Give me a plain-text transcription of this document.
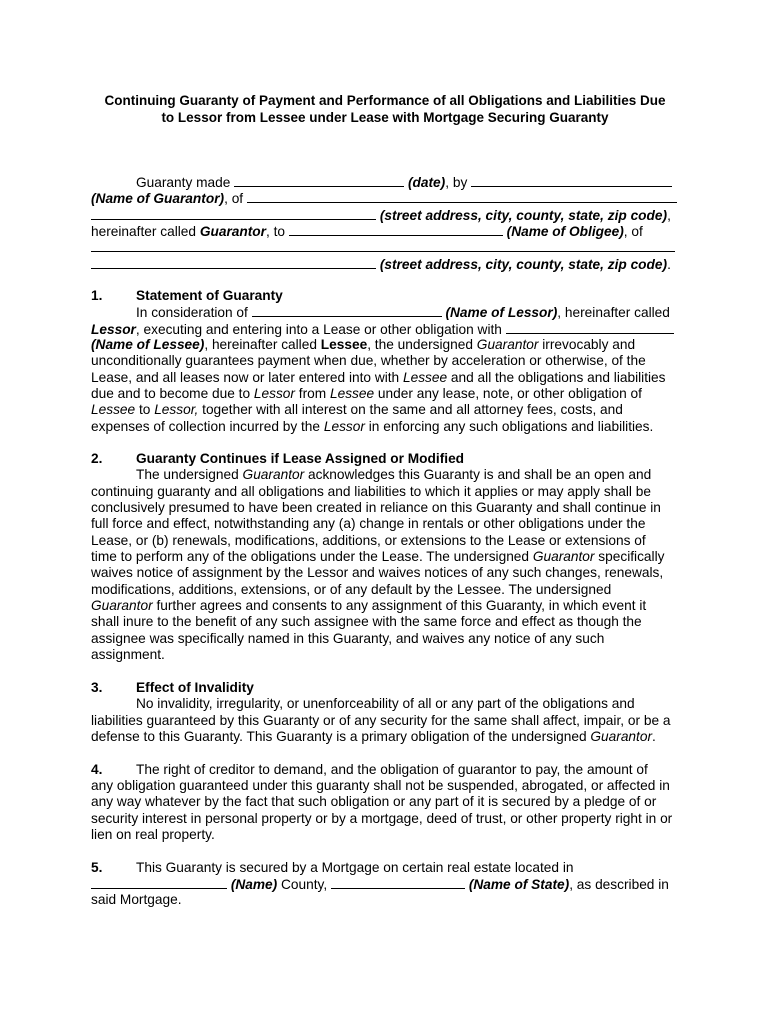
Continuing Guaranty of Payment and Performance of all Obligations and Liabilities Due
to Lessor from Lessee under Lease with Mortgage Securing Guaranty
Guaranty made	(date), by
(Name of Guarantor), of
(street address, city, county, state, zip code),
hereinafter called Guarantor, to	(Name of Obligee), of
(street address, city, county, state, zip code).
1. Statement of Guaranty
In consideration of	(Name of Lessor), hereinafter called
Lessor, executing and entering into a Lease or other obligation with
(Name of Lessee), hereinafter called Lessee, the undersigned Guarantor irrevocably and
unconditionally guarantees payment when due, whether by acceleration or otherwise, of the
Lease, and all leases now or later entered into with Lessee and all the obligations and liabilities
due and to become due to Lessor from Lessee under any lease, note, or other obligation of
Lessee to Lessor, together with all interest on the same and all attorney fees, costs, and
expenses of collection incurred by the Lessor in enforcing any such obligations and liabilities.
2. Guaranty Continues if Lease Assigned or Modified
The undersigned Guarantor acknowledges this Guaranty is and shall be an open and
continuing guaranty and all obligations and liabilities to which it applies or may apply shall be
conclusively presumed to have been created in reliance on this Guaranty and shall continue in
full force and effect, notwithstanding any (a) change in rentals or other obligations under the
Lease, or (b) renewals, modifications, additions, or extensions to the Lease or extensions of
time to perform any of the obligations under the Lease. The undersigned Guarantor specifically
waives notice of assignment by the Lessor and waives notices of any such changes, renewals,
modifications, additions, extensions, or of any default by the Lessee. The undersigned
Guarantor further agrees and consents to any assignment of this Guaranty, in which event it
shall inure to the benefit of any such assignee with the same force and effect as though the
assignee was specifically named in this Guaranty, and waives any notice of any such
assignment.
3. Effect of Invalidity
No invalidity, irregularity, or unenforceability of all or any part of the obligations and
liabilities guaranteed by this Guaranty or of any security for the same shall affect, impair, or be a
defense to this Guaranty. This Guaranty is a primary obligation of the undersigned Guarantor.
4. The right of creditor to demand, and the obligation of guarantor to pay, the amount of
any obligation guaranteed under this guaranty shall not be suspended, abrogated, or affected in
any way whatever by the fact that such obligation or any part of it is secured by a pledge of or
security interest in personal property or by a mortgage, deed of trust, or other property right in or
lien on real property.
5. This Guaranty is secured by a Mortgage on certain real estate located in
(Name) County,	(Name of State), as described in
said Mortgage.
